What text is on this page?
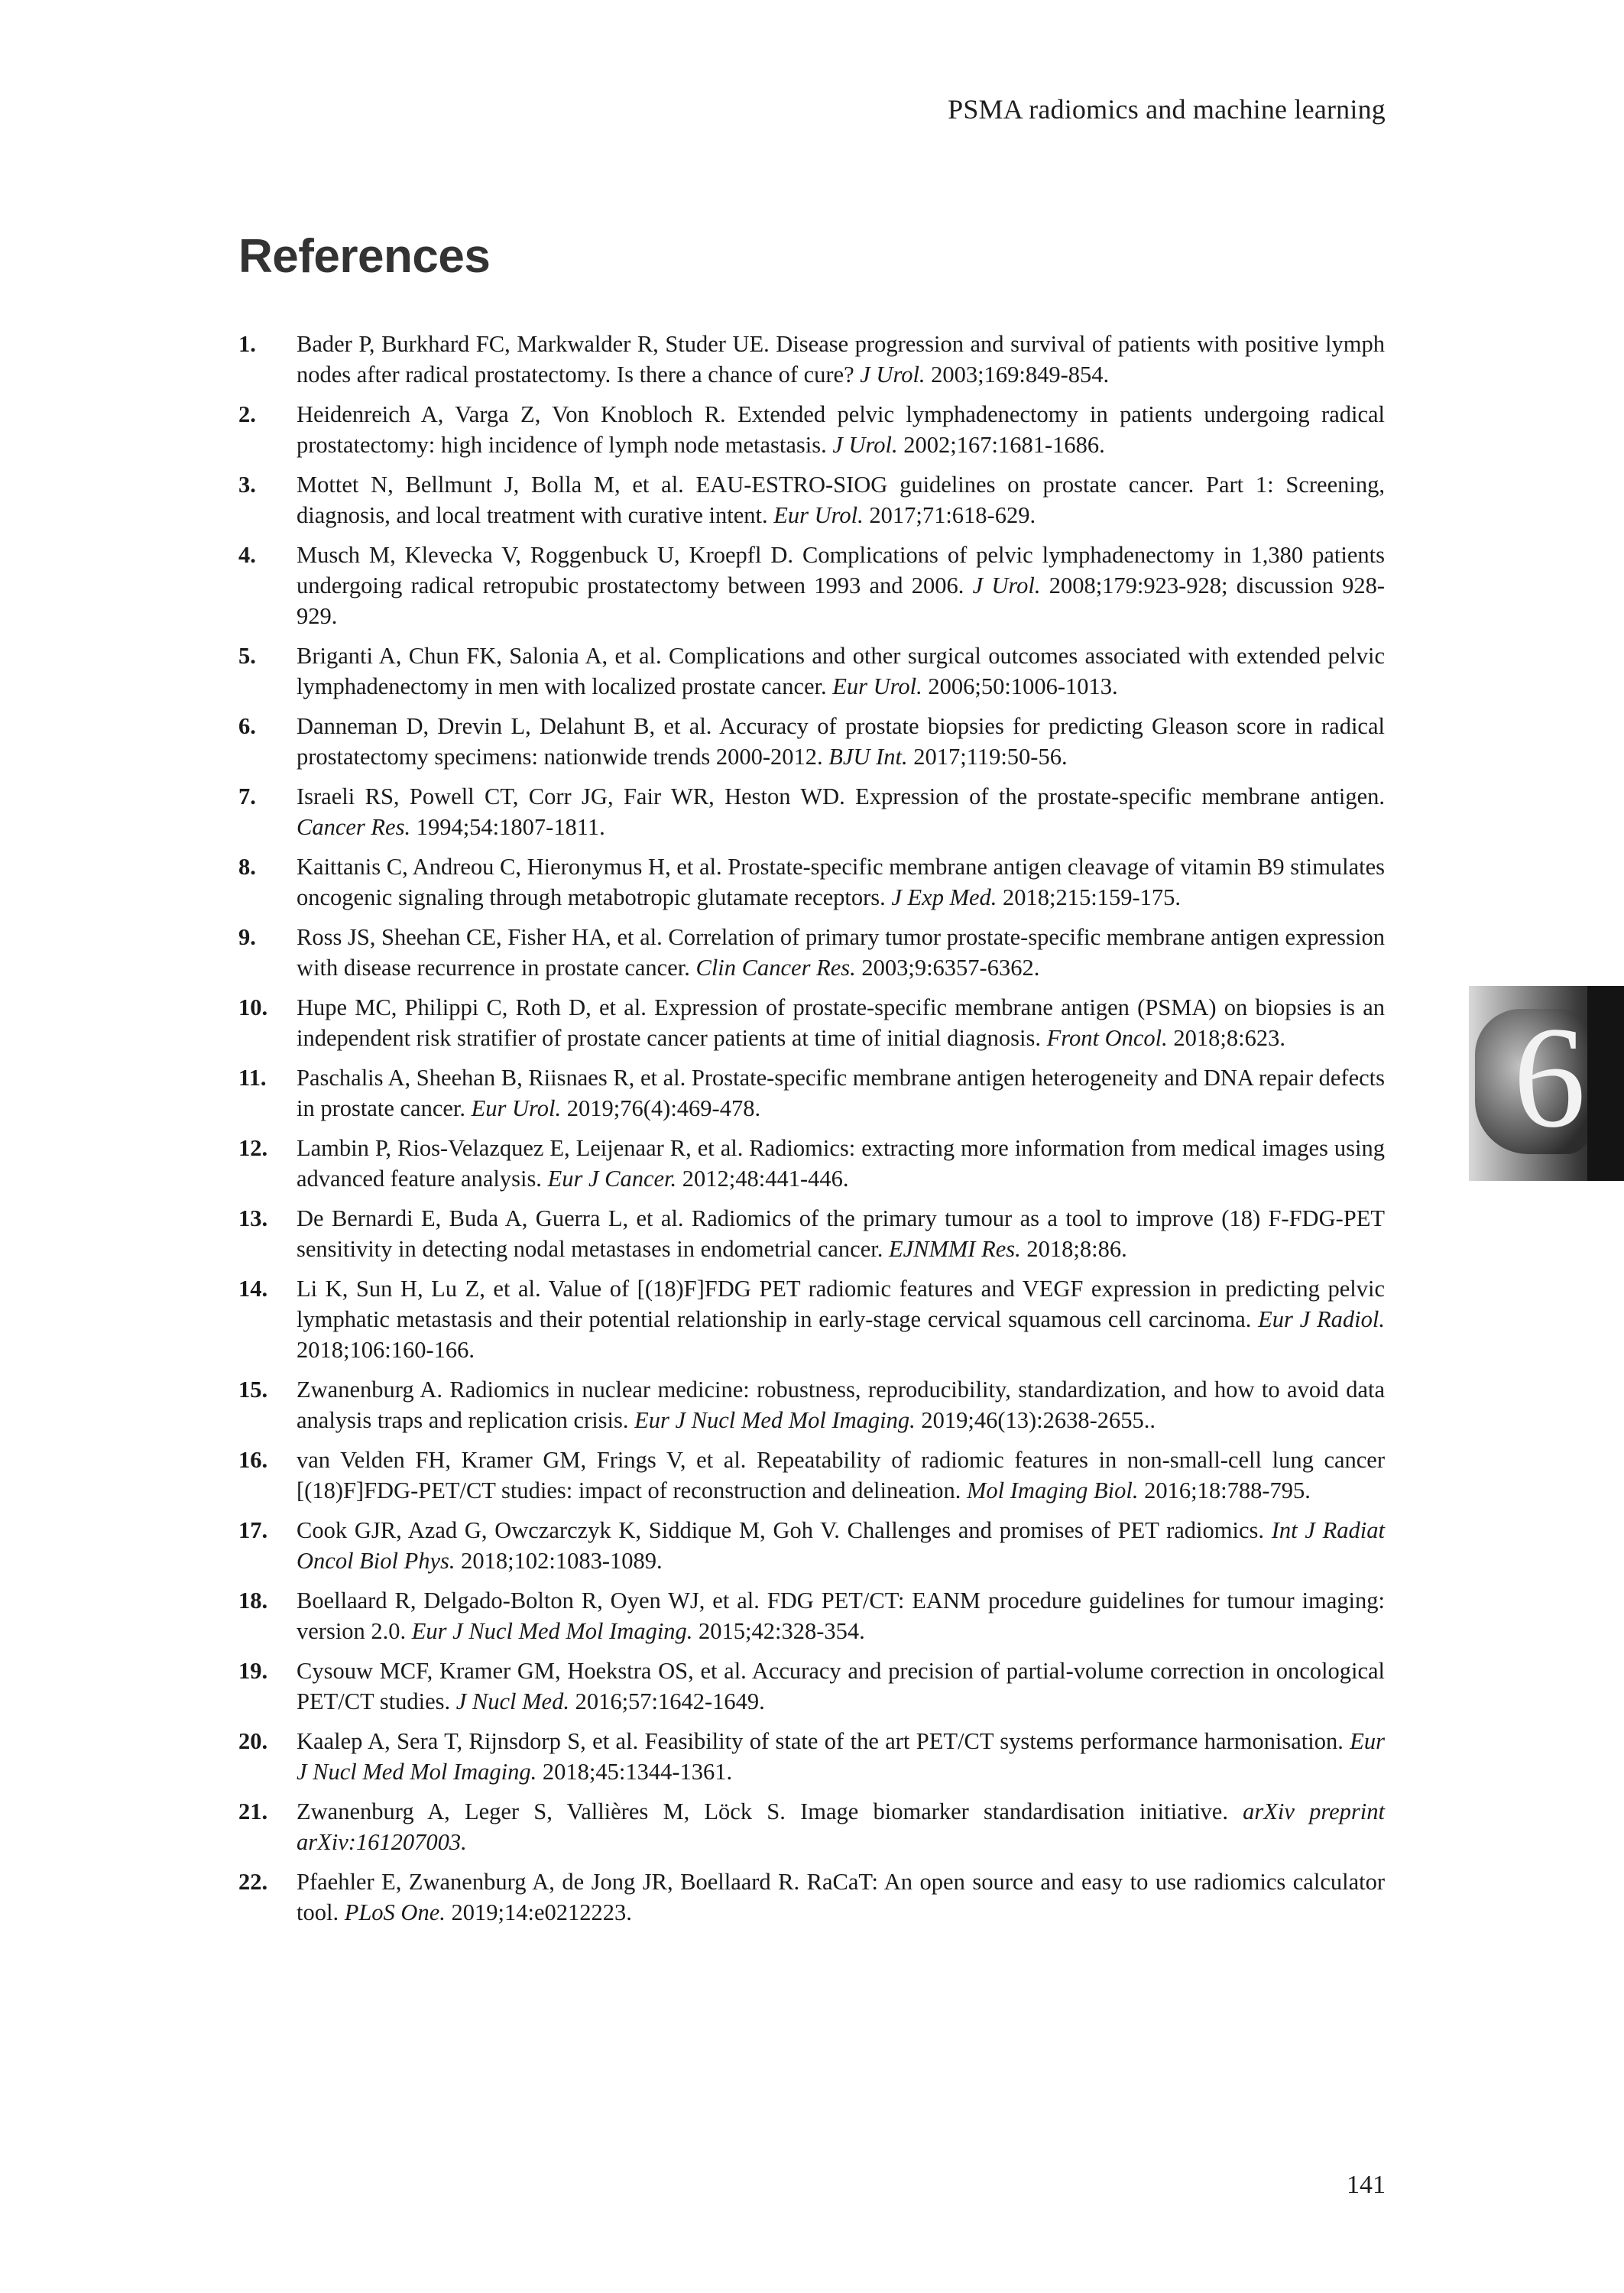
PSMA radiomics and machine learning
References
1.	Bader P, Burkhard FC, Markwalder R, Studer UE. Disease progression and survival of patients with positive lymph nodes after radical prostatectomy. Is there a chance of cure? J Urol. 2003;169:849-854.
2.	Heidenreich A, Varga Z, Von Knobloch R. Extended pelvic lymphadenectomy in patients undergoing radical prostatectomy: high incidence of lymph node metastasis. J Urol. 2002;167:1681-1686.
3.	Mottet N, Bellmunt J, Bolla M, et al. EAU-ESTRO-SIOG guidelines on prostate cancer. Part 1: Screening, diagnosis, and local treatment with curative intent. Eur Urol. 2017;71:618-629.
4.	Musch M, Klevecka V, Roggenbuck U, Kroepfl D. Complications of pelvic lymphadenectomy in 1,380 patients undergoing radical retropubic prostatectomy between 1993 and 2006. J Urol. 2008;179:923-928; discussion 928-929.
5.	Briganti A, Chun FK, Salonia A, et al. Complications and other surgical outcomes associated with extended pelvic lymphadenectomy in men with localized prostate cancer. Eur Urol. 2006;50:1006-1013.
6.	Danneman D, Drevin L, Delahunt B, et al. Accuracy of prostate biopsies for predicting Gleason score in radical prostatectomy specimens: nationwide trends 2000-2012. BJU Int. 2017;119:50-56.
7.	Israeli RS, Powell CT, Corr JG, Fair WR, Heston WD. Expression of the prostate-specific membrane antigen. Cancer Res. 1994;54:1807-1811.
8.	Kaittanis C, Andreou C, Hieronymus H, et al. Prostate-specific membrane antigen cleavage of vitamin B9 stimulates oncogenic signaling through metabotropic glutamate receptors. J Exp Med. 2018;215:159-175.
9.	Ross JS, Sheehan CE, Fisher HA, et al. Correlation of primary tumor prostate-specific membrane antigen expression with disease recurrence in prostate cancer. Clin Cancer Res. 2003;9:6357-6362.
10.	Hupe MC, Philippi C, Roth D, et al. Expression of prostate-specific membrane antigen (PSMA) on biopsies is an independent risk stratifier of prostate cancer patients at time of initial diagnosis. Front Oncol. 2018;8:623.
11.	Paschalis A, Sheehan B, Riisnaes R, et al. Prostate-specific membrane antigen heterogeneity and DNA repair defects in prostate cancer. Eur Urol. 2019;76(4):469-478.
12.	Lambin P, Rios-Velazquez E, Leijenaar R, et al. Radiomics: extracting more information from medical images using advanced feature analysis. Eur J Cancer. 2012;48:441-446.
13.	De Bernardi E, Buda A, Guerra L, et al. Radiomics of the primary tumour as a tool to improve (18) F-FDG-PET sensitivity in detecting nodal metastases in endometrial cancer. EJNMMI Res. 2018;8:86.
14.	Li K, Sun H, Lu Z, et al. Value of [(18)F]FDG PET radiomic features and VEGF expression in predicting pelvic lymphatic metastasis and their potential relationship in early-stage cervical squamous cell carcinoma. Eur J Radiol. 2018;106:160-166.
15.	Zwanenburg A. Radiomics in nuclear medicine: robustness, reproducibility, standardization, and how to avoid data analysis traps and replication crisis. Eur J Nucl Med Mol Imaging. 2019;46(13):2638-2655..
16.	van Velden FH, Kramer GM, Frings V, et al. Repeatability of radiomic features in non-small-cell lung cancer [(18)F]FDG-PET/CT studies: impact of reconstruction and delineation. Mol Imaging Biol. 2016;18:788-795.
17.	Cook GJR, Azad G, Owczarczyk K, Siddique M, Goh V. Challenges and promises of PET radiomics. Int J Radiat Oncol Biol Phys. 2018;102:1083-1089.
18.	Boellaard R, Delgado-Bolton R, Oyen WJ, et al. FDG PET/CT: EANM procedure guidelines for tumour imaging: version 2.0. Eur J Nucl Med Mol Imaging. 2015;42:328-354.
19.	Cysouw MCF, Kramer GM, Hoekstra OS, et al. Accuracy and precision of partial-volume correction in oncological PET/CT studies. J Nucl Med. 2016;57:1642-1649.
20.	Kaalep A, Sera T, Rijnsdorp S, et al. Feasibility of state of the art PET/CT systems performance harmonisation. Eur J Nucl Med Mol Imaging. 2018;45:1344-1361.
21.	Zwanenburg A, Leger S, Vallières M, Löck S. Image biomarker standardisation initiative. arXiv preprint arXiv:161207003.
22.	Pfaehler E, Zwanenburg A, de Jong JR, Boellaard R. RaCaT: An open source and easy to use radiomics calculator tool. PLoS One. 2019;14:e0212223.
6
141
